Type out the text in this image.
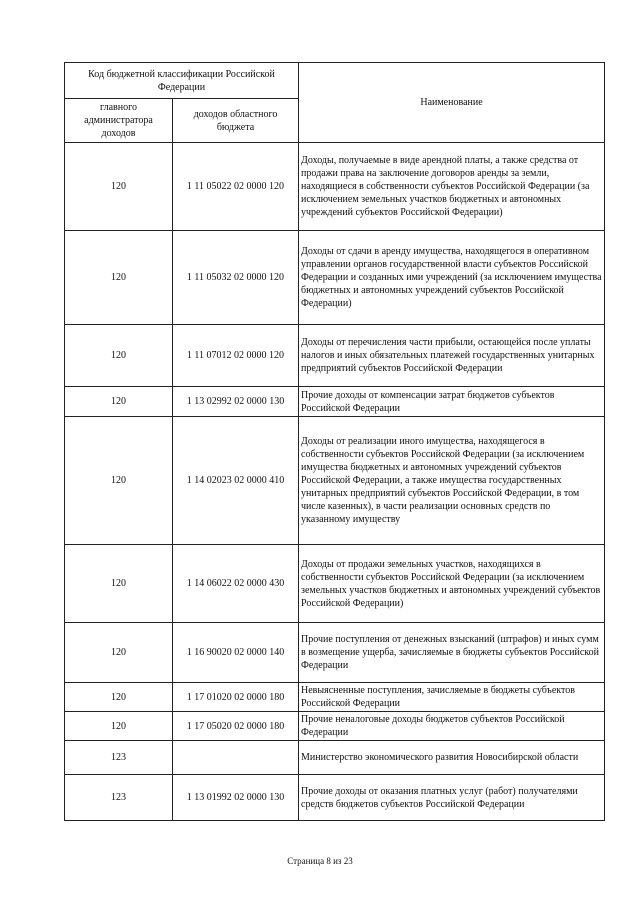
Код бюджетной классификации Российской Федерации		Наименование
главного администратора доходов	доходов областного бюджета	
120	1 11 05022 02 0000 120	Доходы, получаемые в виде арендной платы, а также средства от продажи права на заключение договоров аренды за земли, находящиеся в собственности субъектов Российской Федерации (за исключением земельных участков бюджетных и автономных учреждений субъектов Российской Федерации)
120	1 11 05032 02 0000 120	Доходы от сдачи в аренду имущества, находящегося в оперативном управлении органов государственной власти субъектов Российской Федерации и созданных ими учреждений (за исключением имущества бюджетных и автономных учреждений субъектов Российской Федерации)
120	1 11 07012 02 0000 120	Доходы от перечисления части прибыли, остающейся после уплаты налогов и иных обязательных платежей государственных унитарных предприятий субъектов Российской Федерации
120	1 13 02992 02 0000 130	Прочие доходы от компенсации затрат бюджетов субъектов Российской Федерации
120	1 14 02023 02 0000 410	Доходы от реализации иного имущества, находящегося в собственности субъектов Российской Федерации (за исключением имущества бюджетных и автономных учреждений субъектов Российской Федерации, а также имущества государственных унитарных предприятий субъектов Российской Федерации, в том числе казенных), в части реализации основных средств по указанному имуществу
120	1 14 06022 02 0000 430	Доходы от продажи земельных участков, находящихся в собственности субъектов Российской Федерации (за исключением земельных участков бюджетных и автономных учреждений субъектов Российской Федерации)
120	1 16 90020 02 0000 140	Прочие поступления от денежных взысканий (штрафов) и иных сумм в возмещение ущерба, зачисляемые в бюджеты субъектов Российской Федерации
120	1 17 01020 02 0000 180	Невыясненные поступления, зачисляемые в бюджеты субъектов Российской Федерации
120	1 17 05020 02 0000 180	Прочие неналоговые доходы бюджетов субъектов Российской Федерации
123		Министерство экономического развития Новосибирской области
123	1 13 01992 02 0000 130	Прочие доходы от оказания платных услуг (работ) получателями средств бюджетов субъектов Российской Федерации
Страница 8 из 23
